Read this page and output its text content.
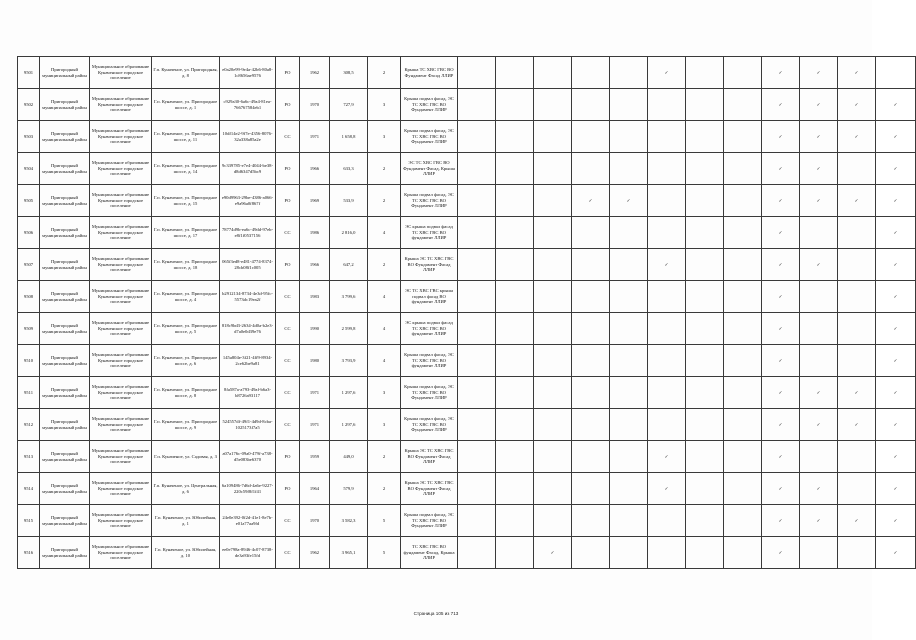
9501	Пригородный муниципальный район	Муниципальное образование Куначенское городское поселение	Г.п. Куначеное, ул. Пригородная, д. 8	e0a20e99-9e4a-42b6-80a8-1c8656ae9576	РО	1962	308,5	2	Крыша ТС ХВС ГВС ВО Фундамент Фасад ЛЛИР						✓			✓	✓	✓	
9502	Пригородный муниципальный район	Муниципальное образование Куначенское городское поселение	Г.п. Куначеное, ул. Пригородное шоссе, д. 1	c929a30-6a6c-49a4-81ea-766767584eb1	РО	1970	727,9	3	Крыша подвал фасад, ЭС ТС ХВС ГВС ВО Фундамент ЛЛИР									✓	✓	✓	✓
9503	Пригородный муниципальный район	Муниципальное образование Куначенское городское поселение	Г.п. Куначеное, ул. Пригородное шоссе, д. 11	10df14e2-9f7e-4356-8076-32a338a85a2e	СС	1971	1 658,8	3	Крыша подвал фасад, ЭС ТС ХВС ГВС ВО Фундамент ЛЛИР									✓	✓	✓	✓
9504	Пригородный муниципальный район	Муниципальное образование Куначенское городское поселение	Г.п. Куначеное, ул. Пригородное шоссе, д. 14	9c339785-e7e4-4044-be38-d8d6347d5bc9	РО	1966	633,3	2	ЭС ТС ХВС ГВС ВО Фундамент Фасад, Крыша ЛЛИР									✓	✓		✓
9505	Пригородный муниципальный район	Муниципальное образование Куначенское городское поселение	Г.п. Куначеное, ул. Пригородное шоссе, д. 15	e90d9963-29be-4386-a066-e9a96a0f867f	РО	1969	533,9	2	Крыша подвал фасад, ЭС ТС ХВС ГВС ВО Фундамент ЛЛИР				✓	✓				✓	✓	✓	✓
9506	Пригородный муниципальный район	Муниципальное образование Куначенское городское поселение	Г.п. Куначеное, ул. Пригородное шоссе, д. 17	78774d9b-ea6c-49dd-97eb-e8f1f0537156	СС	1986	2 816,0	4	ЭС крыша подвал фасад ТС ХВС ГВС ВО фундамент ЛЛИР									✓			✓
9507	Пригородный муниципальный район	Муниципальное образование Куначенское городское поселение	Г.п. Куначеное, ул. Пригородное шоссе, д. 18	065f3ed8-e481-4774-8374-28cb08f1c005	РО	1966	647,2	2	Крыша ЭС ТС ХВС ГВС ВО Фундамент Фасад ЛЛИР						✓			✓	✓		✓
9508	Пригородный муниципальный район	Муниципальное образование Куначенское городское поселение	Г.п. Куначеное, ул. Пригородное шоссе, д. 4	b2912134-8734-4e3d-95fc-5573dc19ea2f	СС	1983	3 799,6	4	ЭС ТС ХВС ГВС крыша подвал фасад ВО фундамент ЛЛИР									✓			✓
9509	Пригородный муниципальный район	Муниципальное образование Куначенское городское поселение	Г.п. Куначеное, ул. Пригородное шоссе, д. 5	818c9bd3-2634-4d0a-b2e3-d7a0e0d39e76	СС	1990	2 599,8	4	ЭС крыша подвал фасад ТС ХВС ГВС ВО фундамент ЛЛИР									✓			✓
9510	Пригородный муниципальный район	Муниципальное образование Куначенское городское поселение	Г.п. Куначеное, ул. Пригородное шоссе, д. 6	145a804e-3f21-4ff9-8934-2ce62be9a81	СС	1980	3 793,9	4	Крыша подвал фасад, ЭС ТС ХВС ГВС ВО фундамент ЛЛИР									✓			✓
9511	Пригородный муниципальный район	Муниципальное образование Куначенское городское поселение	Г.п. Куначеное, ул. Пригородное шоссе, д. 8	8fa587a-a793-49af-b6a3-b8726a93117	СС	1971	1 297,6	3	Крыша подвал фасад, ЭС ТС ХВС ГВС ВО Фундамент ЛЛИР									✓	✓	✓	✓
9512	Пригородный муниципальный район	Муниципальное образование Куначенское городское поселение	Г.п. Куначеное, ул. Пригородное шоссе, д. 9	524557df-49f1-4d9d-8cba-1025173f7a5	СС	1971	1 297,6	3	Крыша подвал фасад, ЭС ТС ХВС ГВС ВО Фундамент ЛЛИР									✓	✓	✓	✓
9513	Пригородный муниципальный район	Муниципальное образование Куначенское городское поселение	Г.п. Куначеное, ул. Садовая, д. 3	a07a176c-09a0-479f-a738-d5e083be6370	РО	1959	449,0	2	Крыша ЭС ТС ХВС ГВС ВО Фундамент Фасад ЛЛИР						✓			✓			✓
9514	Пригородный муниципальный район	Муниципальное образование Куначенское городское поселение	Г.п. Куначеное, ул. Центральная, д. 6	6a109486-7d6d-4a6e-9227-220c59f8f1f41	РО	1964	579,9	2	Крыша ЭС ТС ХВС ГВС ВО Фундамент Фасад ЛЛИР						✓			✓	✓		✓
9515	Пригородный муниципальный район	Муниципальное образование Куначенское городское поселение	Г.п. Куначеное, ул. Юбилейная, д. 1	24e0e392-0f2d-41e1-8e7b-e01a77aa9fd	СС	1970	3 582,3	5	Крыша подвал фасад, ЭС ТС ХВС ГВС ВО Фундамент ЛЛИР									✓	✓	✓	✓
9516	Пригородный муниципальный район	Муниципальное образование Куначенское городское поселение	Г.п. Куначеное, ул. Юбилейная, д. 10	ee0e798a-8946-4c07-8738-de3a93fe15fd	СС	1962	3 965,1	5	ТС ХВС ГВС ВО фундамент Фасад, Крыша ЛЛИР			✓						✓			✓
Страница 105 из 713
